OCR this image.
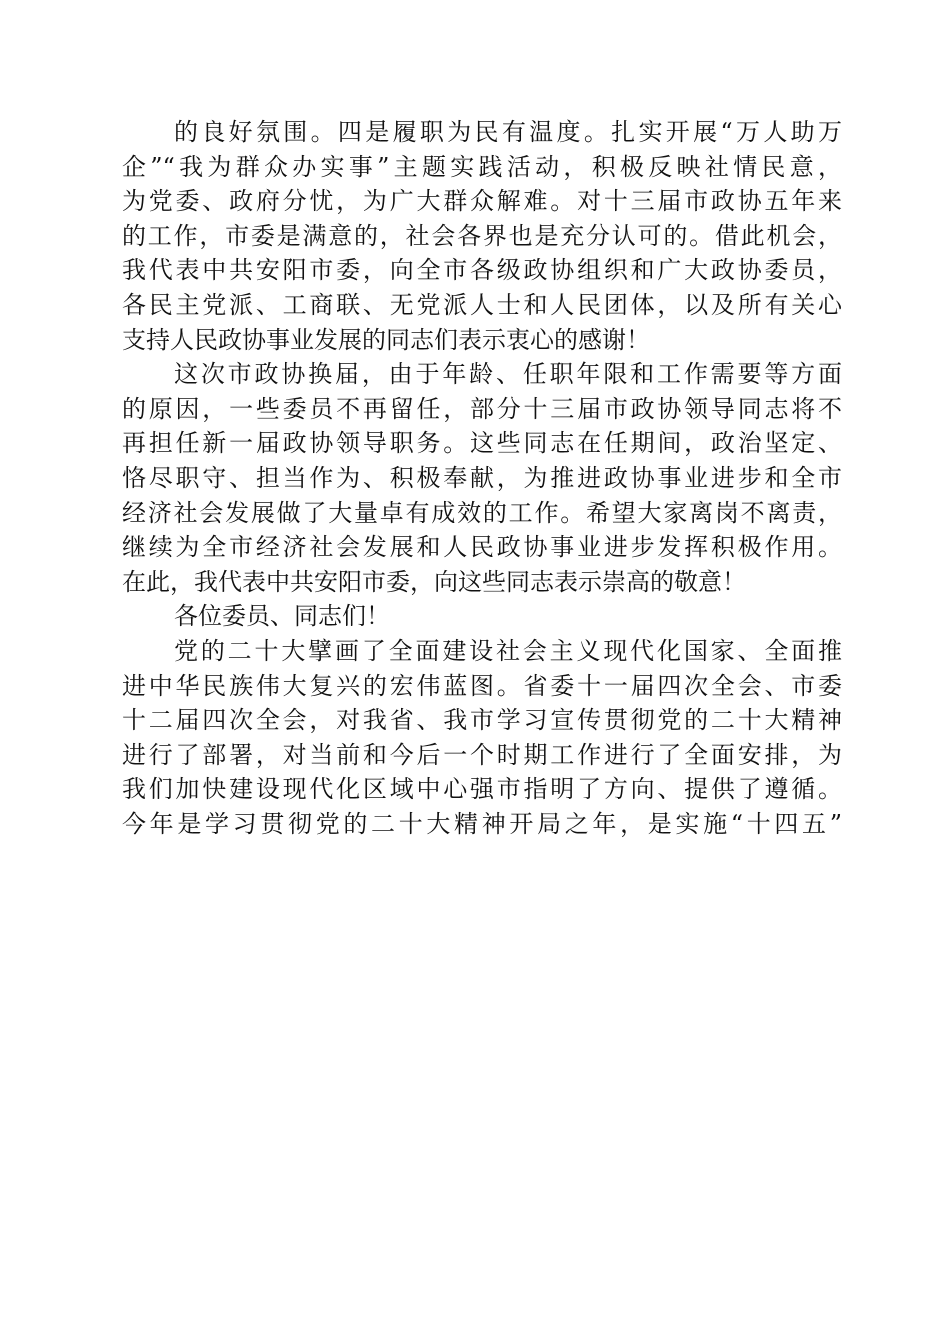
的良好氛围。四是履职为民有温度。扎实开展“万人助万
企”“我为群众办实事”主题实践活动，积极反映社情民意，
为党委、政府分忧，为广大群众解难。对十三届市政协五年来
的工作，市委是满意的，社会各界也是充分认可的。借此机会，
我代表中共安阳市委，向全市各级政协组织和广大政协委员，
各民主党派、工商联、无党派人士和人民团体，以及所有关心
支持人民政协事业发展的同志们表示衷心的感谢！
这次市政协换届，由于年龄、任职年限和工作需要等方面
的原因，一些委员不再留任，部分十三届市政协领导同志将不
再担任新一届政协领导职务。这些同志在任期间，政治坚定、
恪尽职守、担当作为、积极奉献，为推进政协事业进步和全市
经济社会发展做了大量卓有成效的工作。希望大家离岗不离责，
继续为全市经济社会发展和人民政协事业进步发挥积极作用。
在此，我代表中共安阳市委，向这些同志表示崇高的敬意！
各位委员、同志们！
党的二十大擘画了全面建设社会主义现代化国家、全面推
进中华民族伟大复兴的宏伟蓝图。省委十一届四次全会、市委
十二届四次全会，对我省、我市学习宣传贯彻党的二十大精神
进行了部署，对当前和今后一个时期工作进行了全面安排，为
我们加快建设现代化区域中心强市指明了方向、提供了遵循。
今年是学习贯彻党的二十大精神开局之年，是实施“十四五”
